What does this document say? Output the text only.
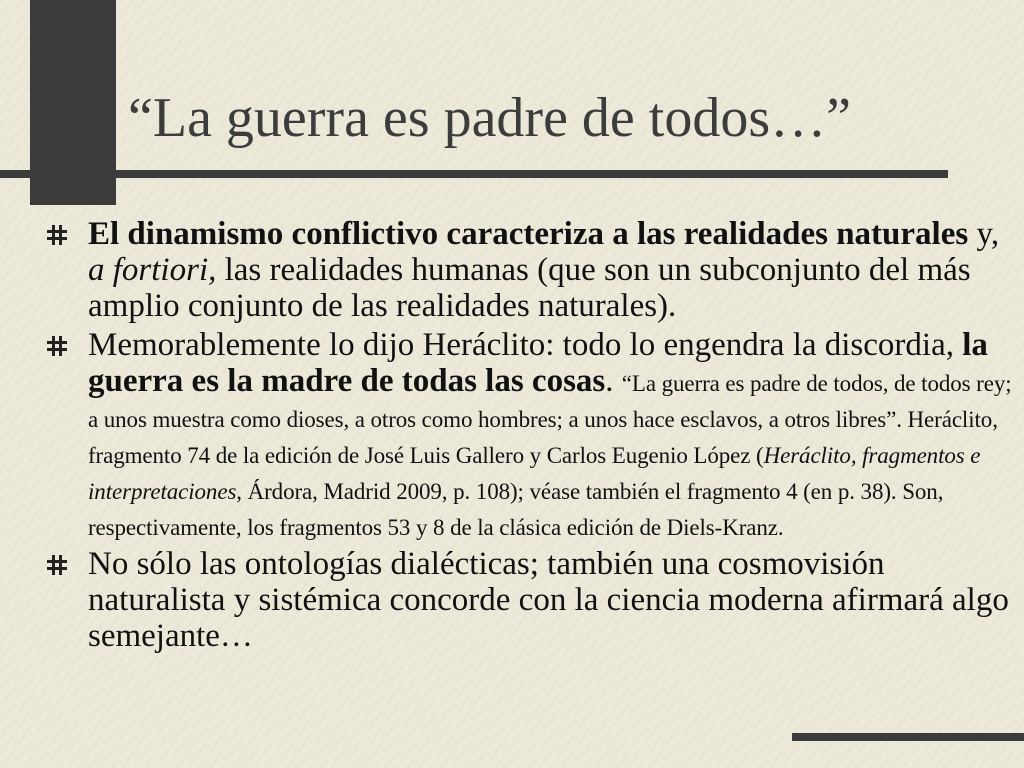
“La guerra es padre de todos…”
El dinamismo conflictivo caracteriza a las realidades naturales y, a fortiori, las realidades humanas (que son un subconjunto del más amplio conjunto de las realidades naturales).
Memorablemente lo dijo Heráclito: todo lo engendra la discordia, la guerra es la madre de todas las cosas. “La guerra es padre de todos, de todos rey; a unos muestra como dioses, a otros como hombres; a unos hace esclavos, a otros libres”. Heráclito, fragmento 74 de la edición de José Luis Gallero y Carlos Eugenio López (Heráclito, fragmentos e interpretaciones, Árdora, Madrid 2009, p. 108); véase también el fragmento 4 (en p. 38). Son, respectivamente, los fragmentos 53 y 8 de la clásica edición de Diels-Kranz.
No sólo las ontologías dialécticas; también una cosmovisión naturalista y sistémica concorde con la ciencia moderna afirmará algo semejante…
